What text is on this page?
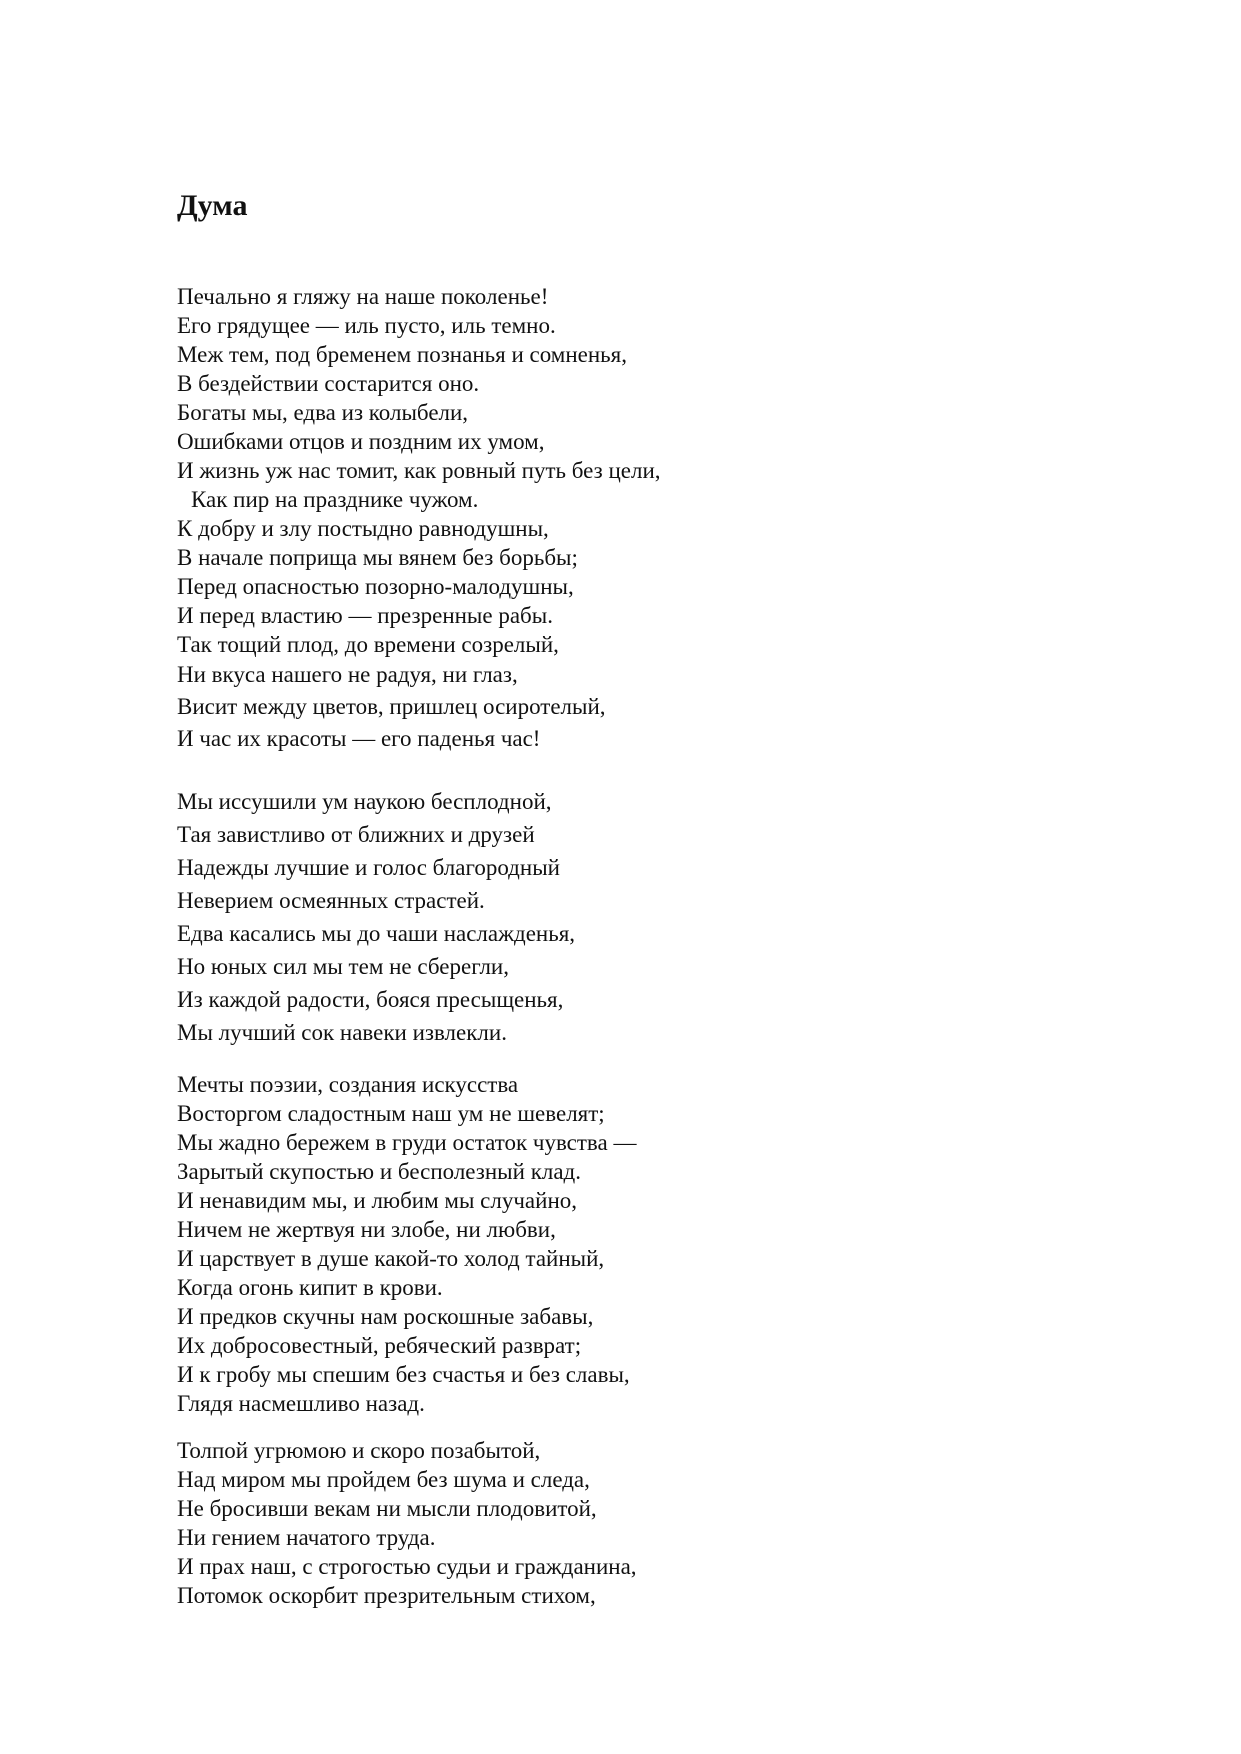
Дума
Печально я гляжу на наше поколенье!
Его грядущее — иль пусто, иль темно.
Меж тем, под бременем познанья и сомненья,
В бездействии состарится оно.
Богаты мы, едва из колыбели,
Ошибками отцов и поздним их умом,
И жизнь уж нас томит, как ровный путь без цели,
Как пир на празднике чужом.
К добру и злу постыдно равнодушны,
В начале поприща мы вянем без борьбы;
Перед опасностью позорно-малодушны,
И перед властию — презренные рабы.
Так тощий плод, до времени созрелый,
Ни вкуса нашего не радуя, ни глаз,
Висит между цветов, пришлец осиротелый,
И час их красоты — его паденья час!
Мы иссушили ум наукою бесплодной,
Тая завистливо от ближних и друзей
Надежды лучшие и голос благородный
Неверием осмеянных страстей.
Едва касались мы до чаши наслажденья,
Но юных сил мы тем не сберегли,
Из каждой радости, бояся пресыщенья,
Мы лучший сок навеки извлекли.
Мечты поэзии, создания искусства
Восторгом сладостным наш ум не шевелят;
Мы жадно бережем в груди остаток чувства —
Зарытый скупостью и бесполезный клад.
И ненавидим мы, и любим мы случайно,
Ничем не жертвуя ни злобе, ни любви,
И царствует в душе какой-то холод тайный,
Когда огонь кипит в крови.
И предков скучны нам роскошные забавы,
Их добросовестный, ребяческий разврат;
И к гробу мы спешим без счастья и без славы,
Глядя насмешливо назад.
Толпой угрюмою и скоро позабытой,
Над миром мы пройдем без шума и следа,
Не бросивши векам ни мысли плодовитой,
Ни гением начатого труда.
И прах наш, с строгостью судьи и гражданина,
Потомок оскорбит презрительным стихом,
